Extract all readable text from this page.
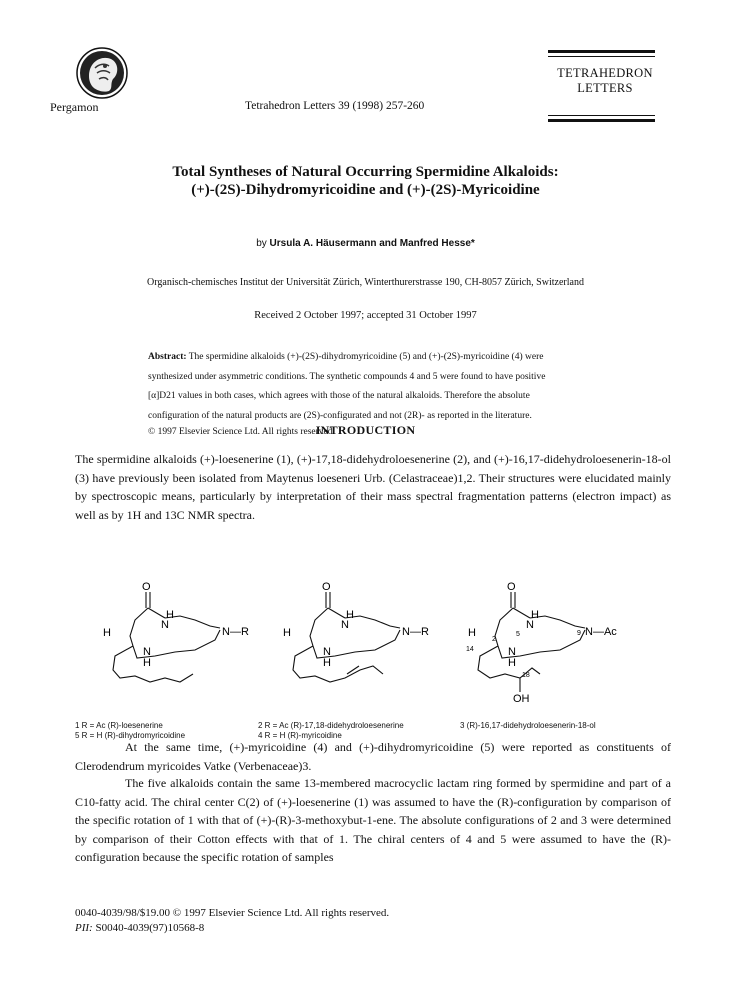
Pergamon	Tetrahedron Letters 39 (1998) 257-260
TETRAHEDRON
LETTERS
Total Syntheses of Natural Occurring Spermidine Alkaloids:
(+)-(2S)-Dihydromyricoidine and (+)-(2S)-Myricoidine
by Ursula A. Häusermann and Manfred Hesse*
Organisch-chemisches Institut der Universität Zürich, Winterthurerstrasse 190, CH-8057 Zürich, Switzerland
Received 2 October 1997; accepted 31 October 1997
Abstract: The spermidine alkaloids (+)-(2S)-dihydromyricoidine (5) and (+)-(2S)-myricoidine (4) were
synthesized under asymmetric conditions. The synthetic compounds 4 and 5 were found to have positive
[α]D21 values in both cases, which agrees with those of the natural alkaloids. Therefore the absolute
configuration of the natural products are (2S)-configurated and not (2R)- as reported in the literature.
© 1997 Elsevier Science Ltd. All rights reserved.
INTRODUCTION
The spermidine alkaloids (+)-loesenerine (1), (+)-17,18-didehydroloesenerine (2), and (+)-16,17-didehydroloesenerin-18-ol (3) have previously been isolated from Maytenus loeseneri Urb. (Celastraceae)1,2. Their structures were elucidated mainly by spectroscopic means, particularly by interpretation of their mass spectral fragmentation patterns (electron impact) as well as by 1H and 13C NMR spectra.
O
H
N
N—R
H
N
H
O
H
N
N—R
H
N
H
O
H
N
5	9 N—Ac
H
2
14	N
H
18
OH
1 R = Ac (R)-loesenerine
5 R = H (R)-dihydromyricoidine
2 R = Ac (R)-17,18-didehydroloesenerine
4 R = H (R)-myricoidine
3 (R)-16,17-didehydroloesenerin-18-ol
At the same time, (+)-myricoidine (4) and (+)-dihydromyricoidine (5) were reported as constituents of Clerodendrum myricoides Vatke (Verbenaceae)3.
The five alkaloids contain the same 13-membered macrocyclic lactam ring formed by spermidine and part of a C10-fatty acid. The chiral center C(2) of (+)-loesenerine (1) was assumed to have the (R)-configuration by comparison of the specific rotation of 1 with that of (+)-(R)-3-methoxybut-1-ene. The absolute configurations of 2 and 3 were determined by comparison of their Cotton effects with that of 1. The chiral centers of 4 and 5 were assumed to have the (R)-configuration because the specific rotation of samples
0040-4039/98/$19.00 © 1997 Elsevier Science Ltd. All rights reserved.
PII: S0040-4039(97)10568-8
